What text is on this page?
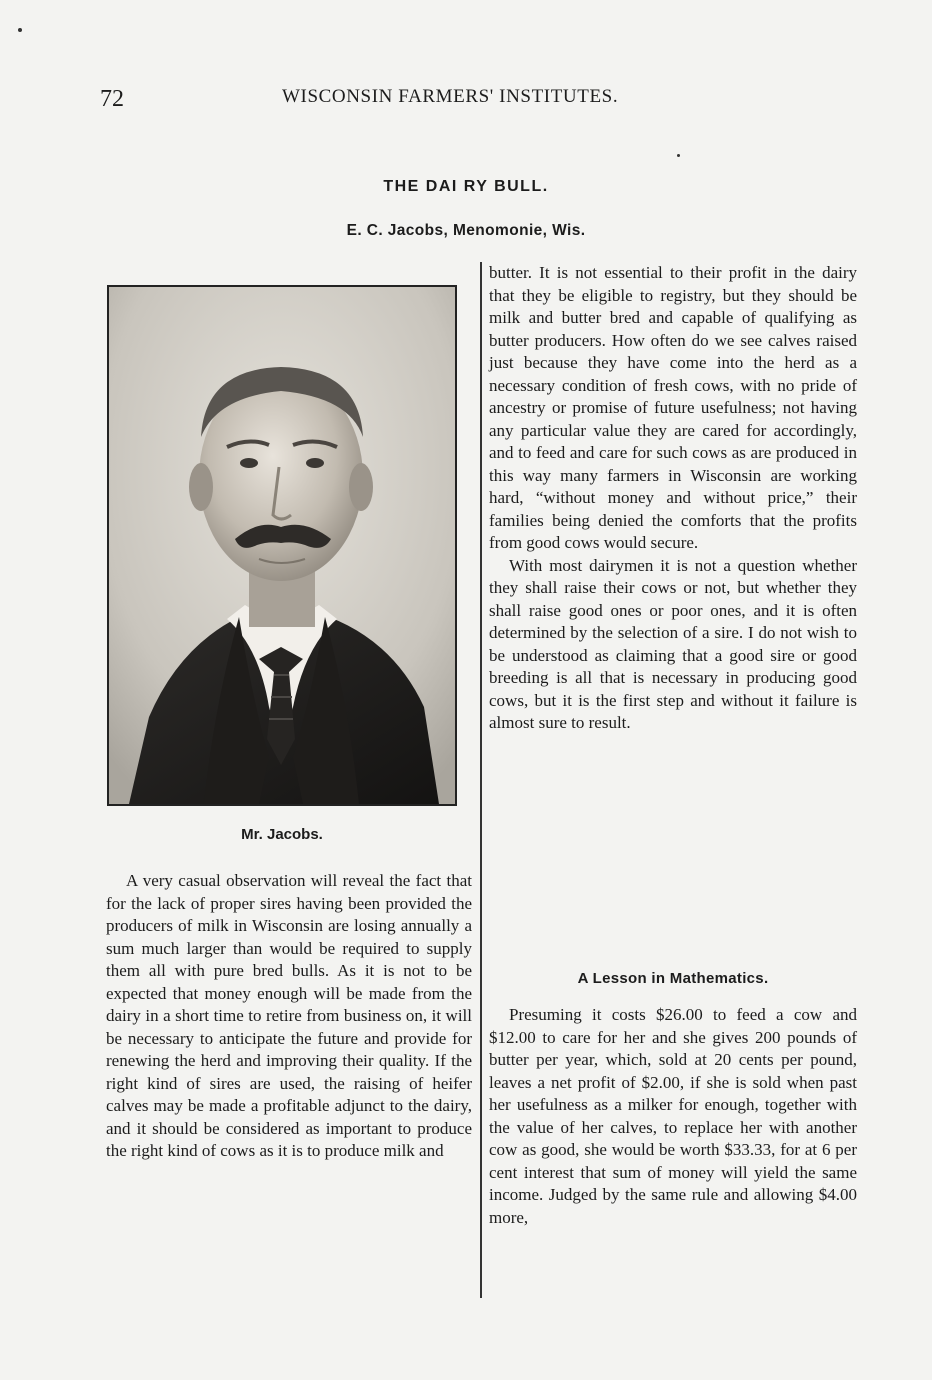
72	WISCONSIN FARMERS' INSTITUTES.
THE DAI RY BULL.
E. C. Jacobs, Menomonie, Wis.
Mr. Jacobs.

A very casual observation will reveal the fact that for the lack of proper sires having been provided the producers of milk in Wisconsin are losing annually a sum much larger than would be required to supply them all with pure bred bulls. As it is not to be expected that money enough will be made from the dairy in a short time to retire from business on, it will be necessary to anticipate the future and provide for renewing the herd and improving their quality. If the right kind of sires are used, the raising of heifer calves may be made a profitable adjunct to the dairy, and it should be considered as important to produce the right kind of cows as it is to produce milk and

butter. It is not essential to their profit in the dairy that they be eligible to registry, but they should be milk and butter bred and capable of qualifying as butter producers. How often do we see calves raised just because they have come into the herd as a necessary condition of fresh cows, with no pride of ancestry or promise of future usefulness; not having any particular value they are cared for accordingly, and to feed and care for such cows as are produced in this way many farmers in Wisconsin are working hard, “without money and without price,” their families being denied the comforts that the profits from good cows would secure.

With most dairymen it is not a question whether they shall raise their cows or not, but whether they shall raise good ones or poor ones, and it is often determined by the selection of a sire. I do not wish to be understood as claiming that a good sire or good breeding is all that is necessary in producing good cows, but it is the first step and without it failure is almost sure to result.

A Lesson in Mathematics.

Presuming it costs $26.00 to feed a cow and $12.00 to care for her and she gives 200 pounds of butter per year, which, sold at 20 cents per pound, leaves a net profit of $2.00, if she is sold when past her usefulness as a milker for enough, together with the value of her calves, to replace her with another cow as good, she would be worth $33.33, for at 6 per cent interest that sum of money will yield the same income. Judged by the same rule and allowing $4.00 more,
